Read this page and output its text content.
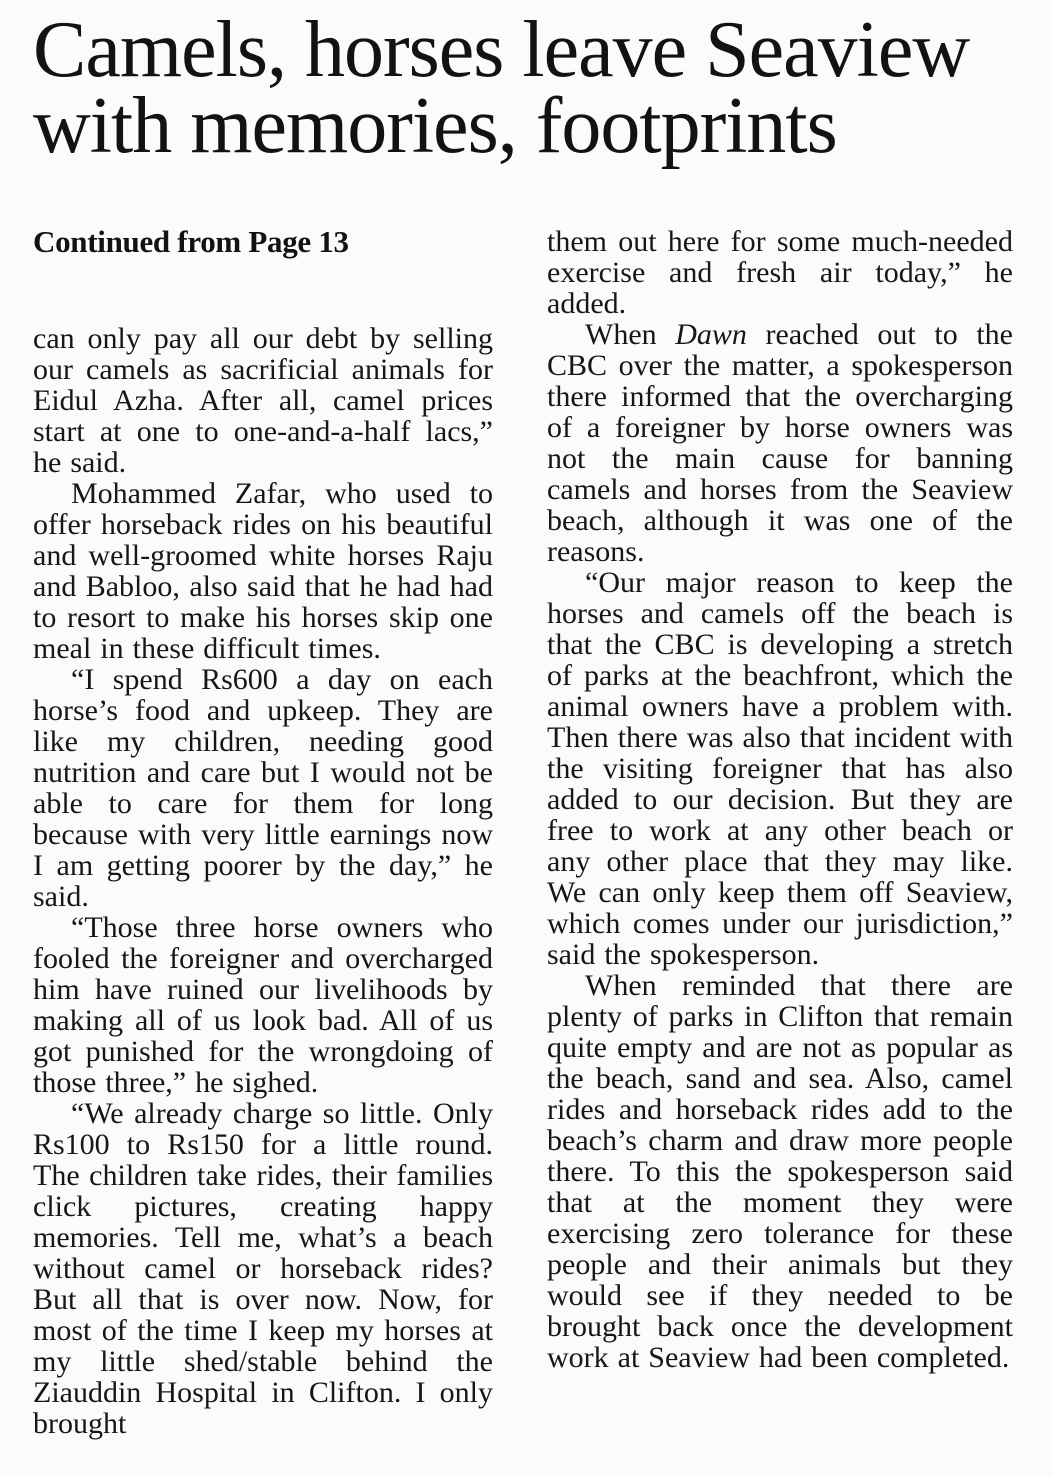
Camels, horses leave Seaview
with memories, footprints
Continued from Page 13

can only pay all our debt by selling our camels as sacrificial animals for Eidul Azha. After all, camel prices start at one to one-and-a-half lacs,” he said.

Mohammed Zafar, who used to offer horseback rides on his beautiful and well-groomed white horses Raju and Babloo, also said that he had had to resort to make his horses skip one meal in these difficult times.

“I spend Rs600 a day on each horse’s food and upkeep. They are like my children, needing good nutrition and care but I would not be able to care for them for long because with very little earnings now I am getting poorer by the day,” he said.

“Those three horse owners who fooled the foreigner and overcharged him have ruined our livelihoods by making all of us look bad. All of us got punished for the wrongdoing of those three,” he sighed.

“We already charge so little. Only Rs100 to Rs150 for a little round. The children take rides, their families click pictures, creating happy memories. Tell me, what’s a beach without camel or horseback rides? But all that is over now. Now, for most of the time I keep my horses at my little shed/stable behind the Ziauddin Hospital in Clifton. I only brought

them out here for some much-needed exercise and fresh air today,” he added.

When Dawn reached out to the CBC over the matter, a spokesperson there informed that the overcharging of a foreigner by horse owners was not the main cause for banning camels and horses from the Seaview beach, although it was one of the reasons.

“Our major reason to keep the horses and camels off the beach is that the CBC is developing a stretch of parks at the beachfront, which the animal owners have a problem with. Then there was also that incident with the visiting foreigner that has also added to our decision. But they are free to work at any other beach or any other place that they may like. We can only keep them off Seaview, which comes under our jurisdiction,” said the spokesperson.

When reminded that there are plenty of parks in Clifton that remain quite empty and are not as popular as the beach, sand and sea. Also, camel rides and horseback rides add to the beach’s charm and draw more people there. To this the spokesperson said that at the moment they were exercising zero tolerance for these people and their animals but they would see if they needed to be brought back once the development work at Seaview had been completed.
